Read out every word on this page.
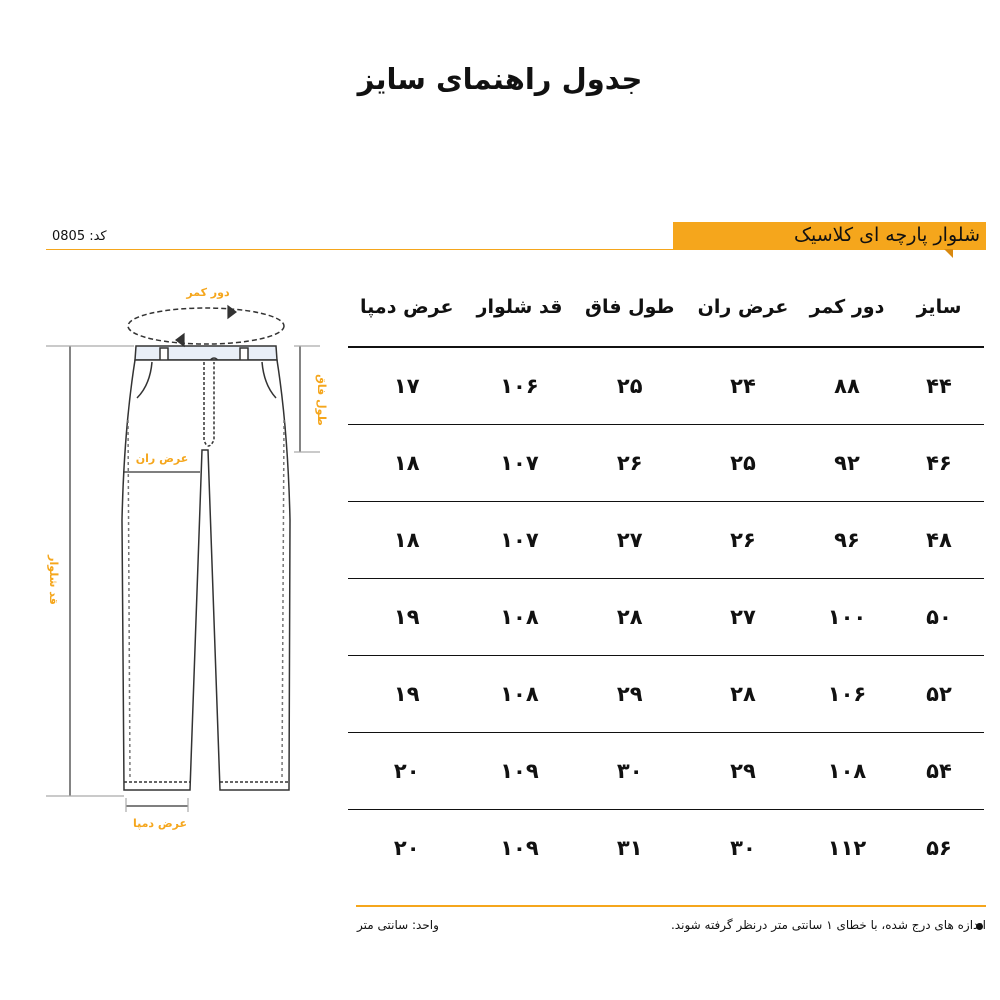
جدول راهنمای سایز
کد: 0805	شلوار پارچه ای کلاسیک
دور کمر
طول فاق
عرض ران
قد شلوار
عرض دمپا
سایز	دور کمر	عرض ران	طول فاق	قد شلوار	عرض دمپا
۴۴	۸۸	۲۴	۲۵	۱۰۶	۱۷
۴۶	۹۲	۲۵	۲۶	۱۰۷	۱۸
۴۸	۹۶	۲۶	۲۷	۱۰۷	۱۸
۵۰	۱۰۰	۲۷	۲۸	۱۰۸	۱۹
۵۲	۱۰۶	۲۸	۲۹	۱۰۸	۱۹
۵۴	۱۰۸	۲۹	۳۰	۱۰۹	۲۰
۵۶	۱۱۲	۳۰	۳۱	۱۰۹	۲۰
اندازه های درج شده، با خطای ۱ سانتی متر درنظر گرفته شوند.
واحد: سانتی متر
